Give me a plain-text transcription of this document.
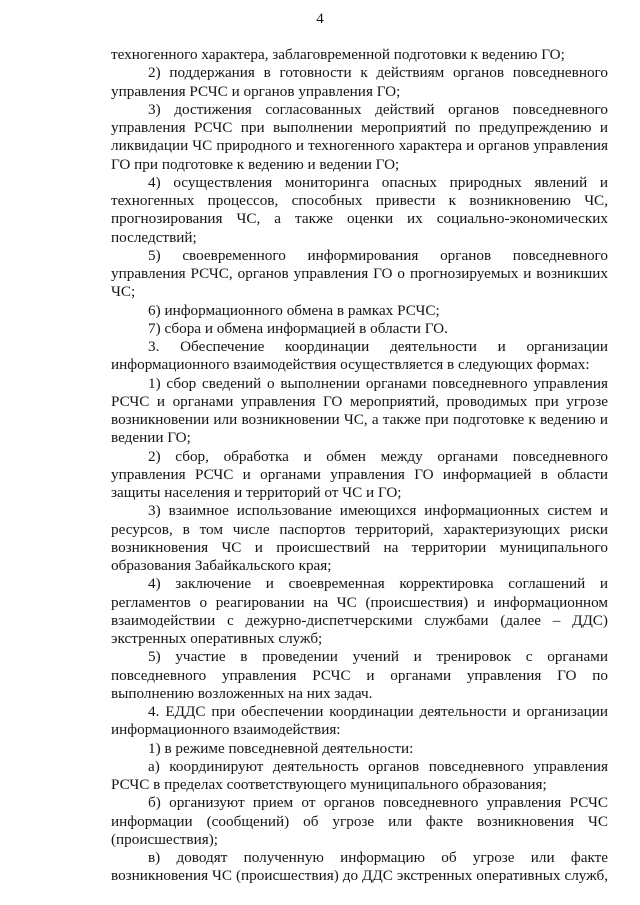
4

техногенного характера, заблаговременной подготовки к ведению ГО;

2) поддержания в готовности к действиям органов повседневного управления РСЧС и органов управления ГО;

3) достижения согласованных действий органов повседневного управления РСЧС при выполнении мероприятий по предупреждению и ликвидации ЧС природного и техногенного характера и органов управления ГО при подготовке к ведению и ведении ГО;

4) осуществления мониторинга опасных природных явлений и техногенных процессов, способных привести к возникновению ЧС, прогнозирования ЧС, а также оценки их социально-экономических последствий;

5) своевременного информирования органов повседневного управления РСЧС, органов управления ГО о прогнозируемых и возникших ЧС;

6) информационного обмена в рамках РСЧС;

7) сбора и обмена информацией в области ГО.

3. Обеспечение координации деятельности и организации информационного взаимодействия осуществляется в следующих формах:

1) сбор сведений о выполнении органами повседневного управления РСЧС и органами управления ГО мероприятий, проводимых при угрозе возникновении или возникновении ЧС, а также при подготовке к ведению и ведении ГО;

2) сбор, обработка и обмен между органами повседневного управления РСЧС и органами управления ГО информацией в области защиты населения и территорий от ЧС и ГО;

3) взаимное использование имеющихся информационных систем и ресурсов, в том числе паспортов территорий, характеризующих риски возникновения ЧС и происшествий на территории муниципального образования Забайкальского края;

4) заключение и своевременная корректировка соглашений и регламентов о реагировании на ЧС (происшествия) и информационном взаимодействии с дежурно-диспетчерскими службами (далее – ДДС) экстренных оперативных служб;

5) участие в проведении учений и тренировок с органами повседневного управления РСЧС и органами управления ГО по выполнению возложенных на них задач.

4. ЕДДС при обеспечении координации деятельности и организации информационного взаимодействия:

1) в режиме повседневной деятельности:

а) координируют деятельность органов повседневного управления РСЧС в пределах соответствующего муниципального образования;

б) организуют прием от органов повседневного управления РСЧС информации (сообщений) об угрозе или факте возникновения ЧС (происшествия);

в) доводят полученную информацию об угрозе или факте возникновения ЧС (происшествия) до ДДС экстренных оперативных служб,
